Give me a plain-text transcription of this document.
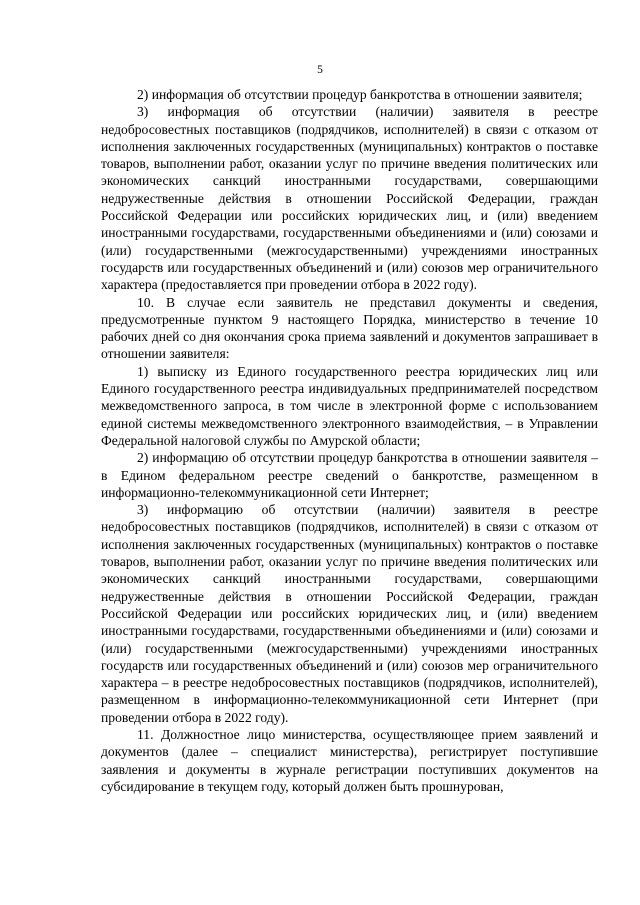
5

2) информация об отсутствии процедур банкротства в отношении заявителя;

3) информация об отсутствии (наличии) заявителя в реестре недобросовестных поставщиков (подрядчиков, исполнителей) в связи с отказом от исполнения заключенных государственных (муниципальных) контрактов о поставке товаров, выполнении работ, оказании услуг по причине введения политических или экономических санкций иностранными государствами, совершающими недружественные действия в отношении Российской Федерации, граждан Российской Федерации или российских юридических лиц, и (или) введением иностранными государствами, государственными объединениями и (или) союзами и (или) государственными (межгосударственными) учреждениями иностранных государств или государственных объединений и (или) союзов мер ограничительного характера (предоставляется при проведении отбора в 2022 году).

10. В случае если заявитель не представил документы и сведения, предусмотренные пунктом 9 настоящего Порядка, министерство в течение 10 рабочих дней со дня окончания срока приема заявлений и документов запрашивает в отношении заявителя:

1) выписку из Единого государственного реестра юридических лиц или Единого государственного реестра индивидуальных предпринимателей посредством межведомственного запроса, в том числе в электронной форме с использованием единой системы межведомственного электронного взаимодействия, – в Управлении Федеральной налоговой службы по Амурской области;

2) информацию об отсутствии процедур банкротства в отношении заявителя – в Едином федеральном реестре сведений о банкротстве, размещенном в информационно-телекоммуникационной сети Интернет;

3) информацию об отсутствии (наличии) заявителя в реестре недобросовестных поставщиков (подрядчиков, исполнителей) в связи с отказом от исполнения заключенных государственных (муниципальных) контрактов о поставке товаров, выполнении работ, оказании услуг по причине введения политических или экономических санкций иностранными государствами, совершающими недружественные действия в отношении Российской Федерации, граждан Российской Федерации или российских юридических лиц, и (или) введением иностранными государствами, государственными объединениями и (или) союзами и (или) государственными (межгосударственными) учреждениями иностранных государств или государственных объединений и (или) союзов мер ограничительного характера – в реестре недобросовестных поставщиков (подрядчиков, исполнителей), размещенном в информационно-телекоммуникационной сети Интернет (при проведении отбора в 2022 году).

11. Должностное лицо министерства, осуществляющее прием заявлений и документов (далее – специалист министерства), регистрирует поступившие заявления и документы в журнале регистрации поступивших документов на субсидирование в текущем году, который должен быть прошнурован,
